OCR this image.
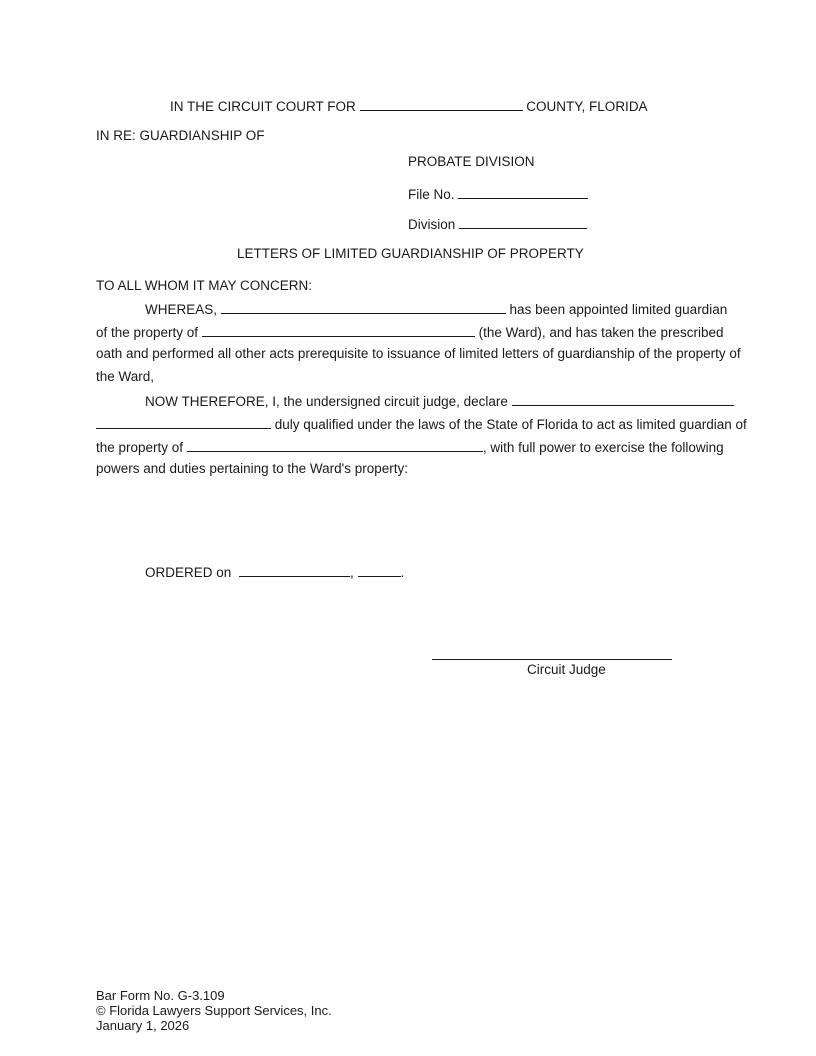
IN THE CIRCUIT COURT FOR	COUNTY, FLORIDA
IN RE: GUARDIANSHIP OF
PROBATE DIVISION
File No.
Division
LETTERS OF LIMITED GUARDIANSHIP OF PROPERTY
TO ALL WHOM IT MAY CONCERN:
WHEREAS,	has been appointed limited guardian
of the property of	(the Ward), and has taken the prescribed
oath and performed all other acts prerequisite to issuance of limited letters of guardianship of the property of
the Ward,
NOW THEREFORE, I, the undersigned circuit judge, declare
duly qualified under the laws of the State of Florida to act as limited guardian of
the property of	, with full power to exercise the following
powers and duties pertaining to the Ward's property:
ORDERED on	,	.
Circuit Judge
Bar Form No. G-3.109
© Florida Lawyers Support Services, Inc.
January 1, 2026
